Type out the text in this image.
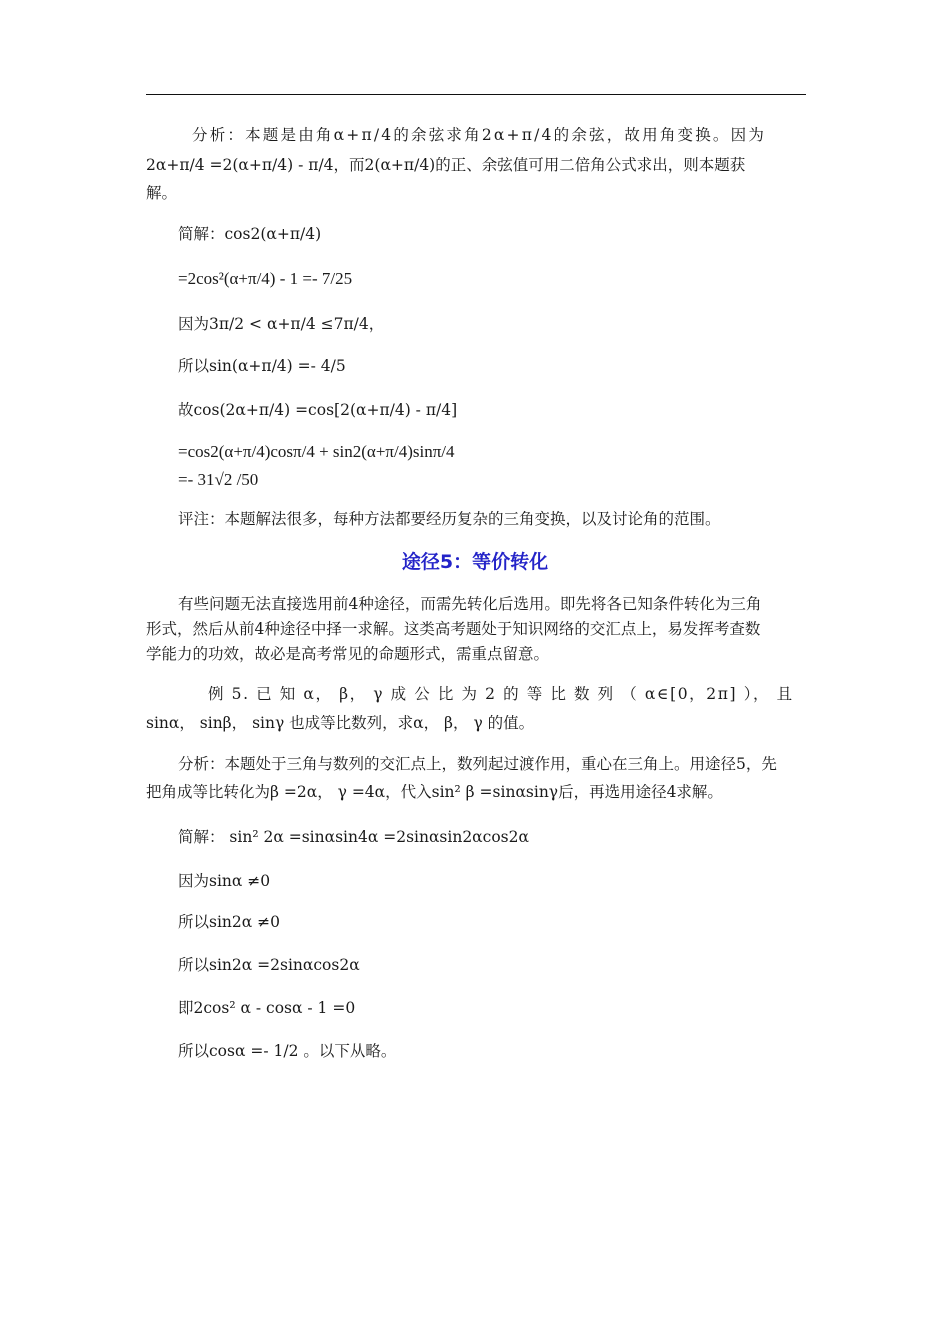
分析：本题是由角α+π/4的余弦求角2α+π/4的余弦，故用角变换。因为
2α+π/4 =2(α+π/4) - π/4，而2(α+π/4)的正、余弦值可用二倍角公式求出，则本题获
解。
简解：cos2(α+π/4)
=2cos²(α+π/4) - 1 =- 7/25
因为3π/2 < α+π/4 ≤7π/4，
所以sin(α+π/4) =- 4/5
故cos(2α+π/4) =cos[2(α+π/4) - π/4]
=cos2(α+π/4)cosπ/4 + sin2(α+π/4)sinπ/4
=- 31√2 /50
评注：本题解法很多，每种方法都要经历复杂的三角变换，以及讨论角的范围。
途径5：等价转化
有些问题无法直接选用前4种途径，而需先转化后选用。即先将各已知条件转化为三角
形式，然后从前4种途径中择一求解。这类高考题处于知识网络的交汇点上，易发挥考查数
学能力的功效，故必是高考常见的命题形式，需重点留意。
例 5. 已 知 α， β， γ 成 公 比 为 2 的 等 比 数 列 （ α∈[0，2π] ）， 且
sinα， sinβ， sinγ 也成等比数列，求α， β， γ 的值。
分析：本题处于三角与数列的交汇点上，数列起过渡作用，重心在三角上。用途径5，先
把角成等比转化为β =2α， γ =4α，代入sin² β =sinαsinγ后，再选用途径4求解。
简解： sin² 2α =sinαsin4α =2sinαsin2αcos2α
因为sinα ≠0
所以sin2α ≠0
所以sin2α =2sinαcos2α
即2cos² α - cosα - 1 =0
所以cosα =- 1/2 。以下从略。
